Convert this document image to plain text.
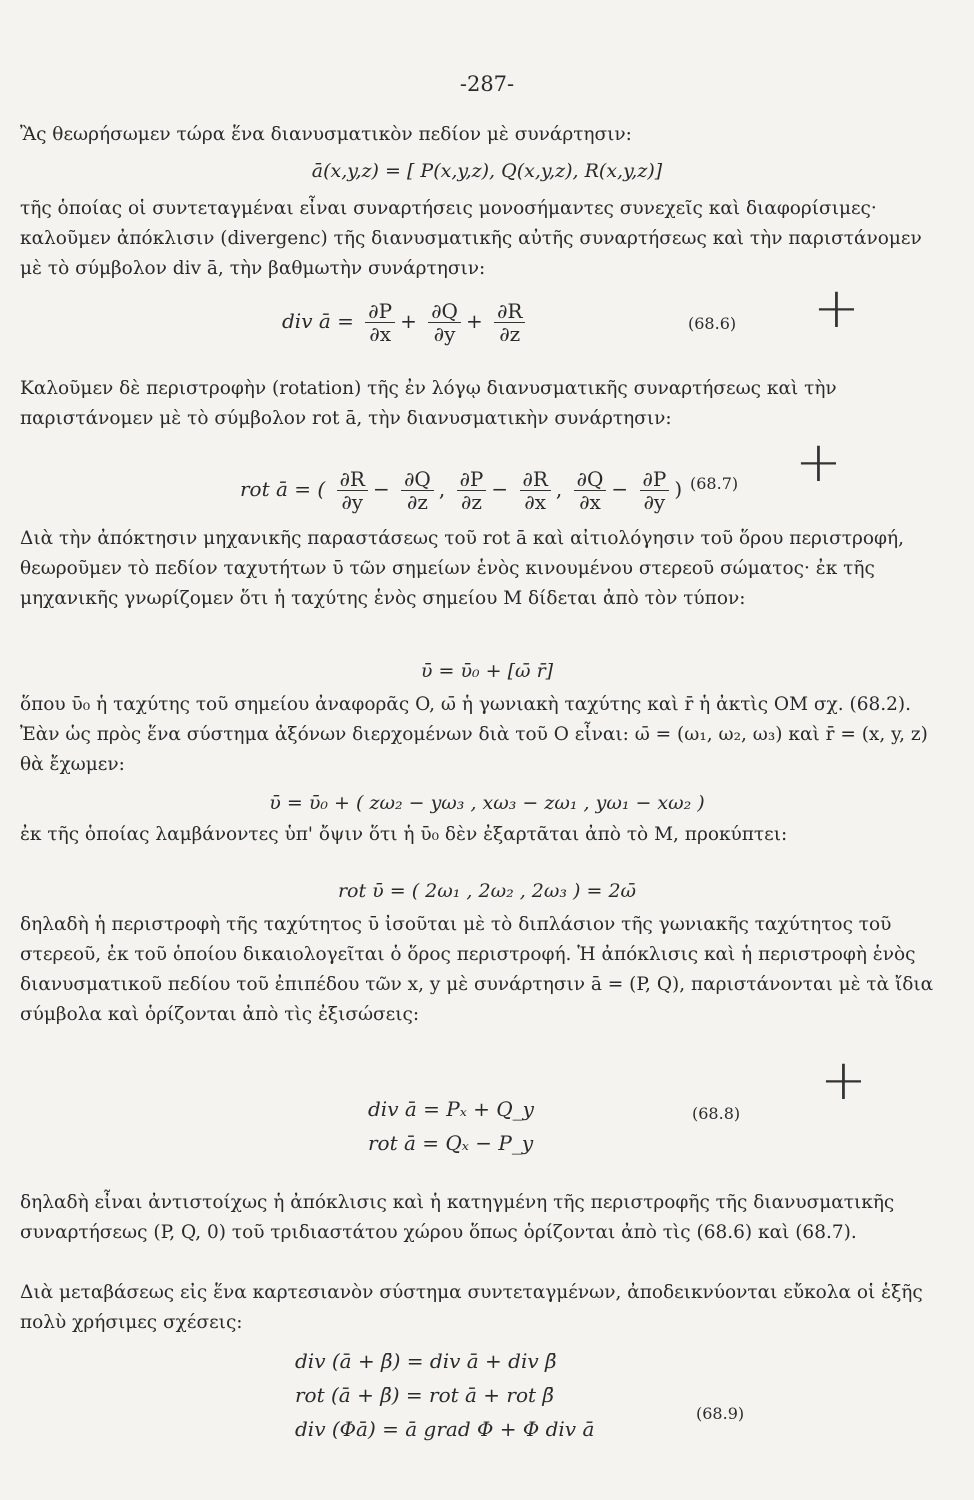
-287-

Ἂς θεωρήσωμεν τώρα ἕνα διανυσματικὸν πεδίον μὲ συνάρτησιν:

ā(x,y,z) = [ P(x,y,z), Q(x,y,z), R(x,y,z)]

τῆς ὁποίας οἱ συντεταγμέναι εἶναι συναρτήσεις μονοσήμαντες συνεχεῖς καὶ διαφορίσιμες· καλοῦμεν ἀπόκλισιν (divergenc) τῆς διανυσματικῆς αὐτῆς συναρτήσεως καὶ τὴν παριστάνομεν μὲ τὸ σύμβολον div ā, τὴν βαθμωτὴν συνάρτησιν:

div ā = $\frac{\partial P}{\partial x} + \frac{\partial Q}{\partial y} + \frac{\partial R}{\partial z}$	(68.6) +

Καλοῦμεν δὲ περιστροφὴν (rotation) τῆς ἐν λόγῳ διανυσματικῆς συναρτήσεως καὶ τὴν παριστάνομεν μὲ τὸ σύμβολον rot ā, τὴν διανυσματικὴν συνάρτησιν:

rot ā = ( $\frac{\partial R}{\partial y} - \frac{\partial Q}{\partial z}$ , $\frac{\partial P}{\partial z} - \frac{\partial R}{\partial x}$ , $\frac{\partial Q}{\partial x} - \frac{\partial P}{\partial y}$ ) (68.7) +

Διὰ τὴν ἀπόκτησιν μηχανικῆς παραστάσεως τοῦ rot ā καὶ αἰτιολόγησιν τοῦ ὅρου περιστροφή, θεωροῦμεν τὸ πεδίον ταχυτήτων ῡ τῶν σημείων ἑνὸς κινουμένου στερεοῦ σώματος· ἐκ τῆς μηχανικῆς γνωρίζομεν ὅτι ἡ ταχύτης ἑνὸς σημείου M δίδεται ἀπὸ τὸν τύπον:

ῡ = ῡ₀ + [ω̄ r̄]

ὅπου ῡ₀ ἡ ταχύτης τοῦ σημείου ἀναφορᾶς O, ω̄ ἡ γωνιακὴ ταχύτης καὶ r̄ ἡ ἀκτὶς OM σχ. (68.2). Ἐὰν ὡς πρὸς ἕνα σύστημα ἀξόνων διερχομένων διὰ τοῦ O εἶναι: ω̄ = (ω₁, ω₂, ω₃) καὶ r̄ = (x, y, z) θὰ ἔχωμεν:

ῡ = ῡ₀ + ( zω₂ − yω₃ , xω₃ − zω₁ , yω₁ − xω₂ )

ἐκ τῆς ὁποίας λαμβάνοντες ὑπ' ὄψιν ὅτι ἡ ῡ₀ δὲν ἐξαρτᾶται ἀπὸ τὸ M, προκύπτει:

rot ῡ = ( 2ω₁ , 2ω₂ , 2ω₃ ) = 2ω̄

δηλαδὴ ἡ περιστροφὴ τῆς ταχύτητος ῡ ἰσοῦται μὲ τὸ διπλάσιον τῆς γωνιακῆς ταχύτητος τοῦ στερεοῦ, ἐκ τοῦ ὁποίου δικαιολογεῖται ὁ ὅρος περιστροφή. Ἡ ἀπόκλισις καὶ ἡ περιστροφὴ ἑνὸς διανυσματικοῦ πεδίου τοῦ ἐπιπέδου τῶν x, y μὲ συνάρτησιν ā = (P, Q), παριστάνονται μὲ τὰ ἴδια σύμβολα καὶ ὁρίζονται ἀπὸ τὶς ἐξισώσεις:

div ā = Pₓ + Q_y
rot ā = Qₓ − P_y
(68.8)
+

δηλαδὴ εἶναι ἀντιστοίχως ἡ ἀπόκλισις καὶ ἡ κατηγμένη τῆς περιστροφῆς τῆς διανυσματικῆς συναρτήσεως (P, Q, 0) τοῦ τριδιαστάτου χώρου ὅπως ὁρίζονται ἀπὸ τὶς (68.6) καὶ (68.7).

Διὰ μεταβάσεως εἰς ἕνα καρτεσιανὸν σύστημα συντεταγμένων, ἀποδεικνύονται εὔκολα οἱ ἑξῆς πολὺ χρήσιμες σχέσεις:

div (ā + β̄) = div ā + div β̄
rot (ā + β̄) = rot ā + rot β̄
div (Φā) = ā grad Φ + Φ div ā
(68.9)
